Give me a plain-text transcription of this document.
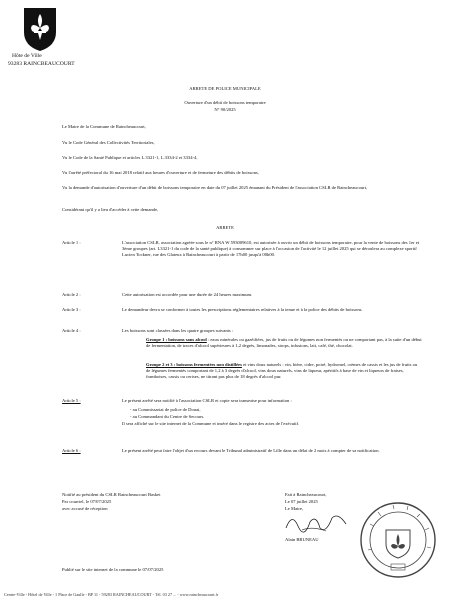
Hôte de Ville
93283 RAINCBEAUCOURT
ARRETE DE POLICE MUNICIPALE
Ouverture d'un débit de boissons temporaire
N° 90/2025
Le Maire de la Commune de Raincheaucourt,
Vu le Code Général des Collectivités Territoriales,
Vu le Code de la Santé Publique et articles L.3321-1, L.3334-2 et 3334-4,
Vu l'arrêté préfectoral du 16 mai 2018 relatif aux heures d'ouverture et de fermeture des débits de boissons,
Vu la demande d'autorisation d'ouverture d'un débit de boissons temporaire en date du 07 juillet 2025 émanant du Président de l'association CSLR de Raincheaucourt,
Considérant qu'il y a lieu d'accéder à cette demande,
ARRETE
Article 1 :	L'association CSLR, association agréée sous le n° RNA W 593009610, est autorisée à ouvrir un débit de boissons temporaire, pour la vente de boissons des 1er et 3ème groupes (art. L3321-1 du code de la santé publique) à consommer sur place à l'occasion de l'activité le 12 juillet 2025 qui se déroulera au complexe sportif Lucien Tockner, rue des Glaieux à Raincheaucourt à partir de 17h00 jusqu'à 00h00.
Article 2 :	Cette autorisation est accordée pour une durée de 24 heures maximum.
Article 3 :	Le demandeur devra se conformer à toutes les prescriptions réglementaires relatives à la tenue et à la police des débits de boissons.
Article 4 :	Les boissons sont classées dans les quatre groupes suivants :
Groupe 1 : boissons sans alcool : eaux minérales ou gazéifiées, jus de fruits ou de légumes non fermentés ou ne comportant pas, à la suite d'un début de fermentation, de traces d'alcool supérieures à 1,2 degrés, limonades, sirops, infusions, lait, café, thé, chocolat.
Groupe 2 et 3 : boissons fermentées non distillées et vins doux naturels : vin, bière, cidre, poiré, hydromel, crèmes de cassis et les jus de fruits ou de légumes fermentés comportant de 1,2 à 3 degrés d'alcool, vins doux naturels, vins de liqueur, apéritifs à base de vin et liqueurs de fraises, framboises, cassis ou cerises, ne titrant pas plus de 18 degrés d'alcool pur.
Article 5 :	Le présent arrêté sera notifié à l'association CSLR et copie sera transmise pour information :
- au Commissariat de police de Douai,
- au Commandant du Centre de Secours.
Il sera affiché sur le site internet de la Commune et inséré dans le registre des actes de l'exécutif.
Article 6 :	Le présent arrêté peut faire l'objet d'un recours devant le Tribunal administratif de Lille dans un délai de 2 mois à compter de sa notification.
Notifié au président du CSLR Raincheaucourt Basket
Par courriel, le 07/07/2025
avec accusé de réception
Fait à Raincheaucourt,
Le 07 juillet 2025
Le Maire,
Alain BRUNEAU
Publié sur le site internet de la commune le 07/07/2025
Centre-Ville - Hôtel de Ville - 1 Place de Gaulle - BP 11 - 59283 RAINCHEAUCOURT - Tél. 03 27 ... - www.raincheaucourt.fr
